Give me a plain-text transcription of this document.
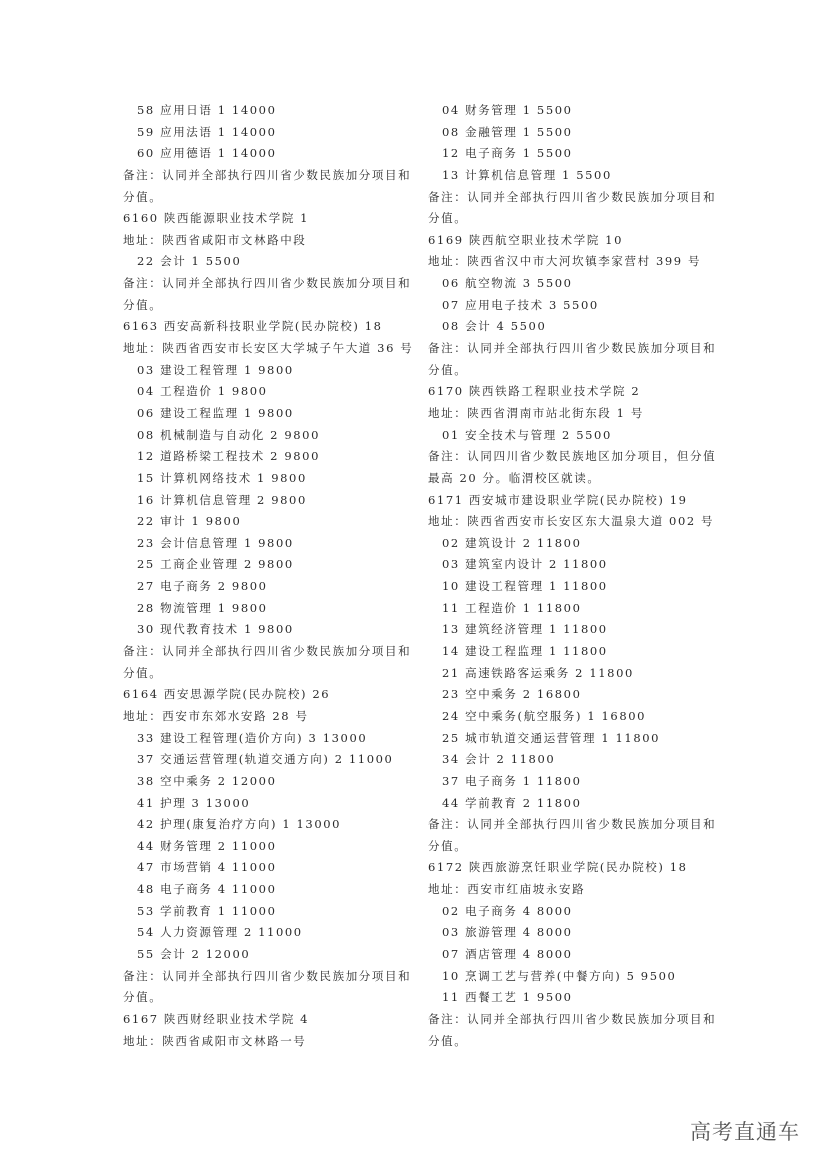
58 应用日语 1 14000
59 应用法语 1 14000
60 应用德语 1 14000
备注：认同并全部执行四川省少数民族加分项目和
分值。
6160 陕西能源职业技术学院 1
地址：陕西省咸阳市文林路中段
22 会计 1 5500
备注：认同并全部执行四川省少数民族加分项目和
分值。
6163 西安高新科技职业学院(民办院校) 18
地址：陕西省西安市长安区大学城子午大道 36 号
03 建设工程管理 1 9800
04 工程造价 1 9800
06 建设工程监理 1 9800
08 机械制造与自动化 2 9800
12 道路桥梁工程技术 2 9800
15 计算机网络技术 1 9800
16 计算机信息管理 2 9800
22 审计 1 9800
23 会计信息管理 1 9800
25 工商企业管理 2 9800
27 电子商务 2 9800
28 物流管理 1 9800
30 现代教育技术 1 9800
备注：认同并全部执行四川省少数民族加分项目和
分值。
6164 西安思源学院(民办院校) 26
地址：西安市东郊水安路 28 号
33 建设工程管理(造价方向) 3 13000
37 交通运营管理(轨道交通方向) 2 11000
38 空中乘务 2 12000
41 护理 3 13000
42 护理(康复治疗方向) 1 13000
44 财务管理 2 11000
47 市场营销 4 11000
48 电子商务 4 11000
53 学前教育 1 11000
54 人力资源管理 2 11000
55 会计 2 12000
备注：认同并全部执行四川省少数民族加分项目和
分值。
6167 陕西财经职业技术学院 4
地址：陕西省咸阳市文林路一号
04 财务管理 1 5500
08 金融管理 1 5500
12 电子商务 1 5500
13 计算机信息管理 1 5500
备注：认同并全部执行四川省少数民族加分项目和
分值。
6169 陕西航空职业技术学院 10
地址：陕西省汉中市大河坎镇李家营村 399 号
06 航空物流 3 5500
07 应用电子技术 3 5500
08 会计 4 5500
备注：认同并全部执行四川省少数民族加分项目和
分值。
6170 陕西铁路工程职业技术学院 2
地址：陕西省渭南市站北街东段 1 号
01 安全技术与管理 2 5500
备注：认同四川省少数民族地区加分项目，但分值
最高 20 分。临渭校区就读。
6171 西安城市建设职业学院(民办院校) 19
地址：陕西省西安市长安区东大温泉大道 002 号
02 建筑设计 2 11800
03 建筑室内设计 2 11800
10 建设工程管理 1 11800
11 工程造价 1 11800
13 建筑经济管理 1 11800
14 建设工程监理 1 11800
21 高速铁路客运乘务 2 11800
23 空中乘务 2 16800
24 空中乘务(航空服务) 1 16800
25 城市轨道交通运营管理 1 11800
34 会计 2 11800
37 电子商务 1 11800
44 学前教育 2 11800
备注：认同并全部执行四川省少数民族加分项目和
分值。
6172 陕西旅游烹饪职业学院(民办院校) 18
地址：西安市红庙坡永安路
02 电子商务 4 8000
03 旅游管理 4 8000
07 酒店管理 4 8000
10 烹调工艺与营养(中餐方向) 5 9500
11 西餐工艺 1 9500
备注：认同并全部执行四川省少数民族加分项目和
分值。
高考直通车
